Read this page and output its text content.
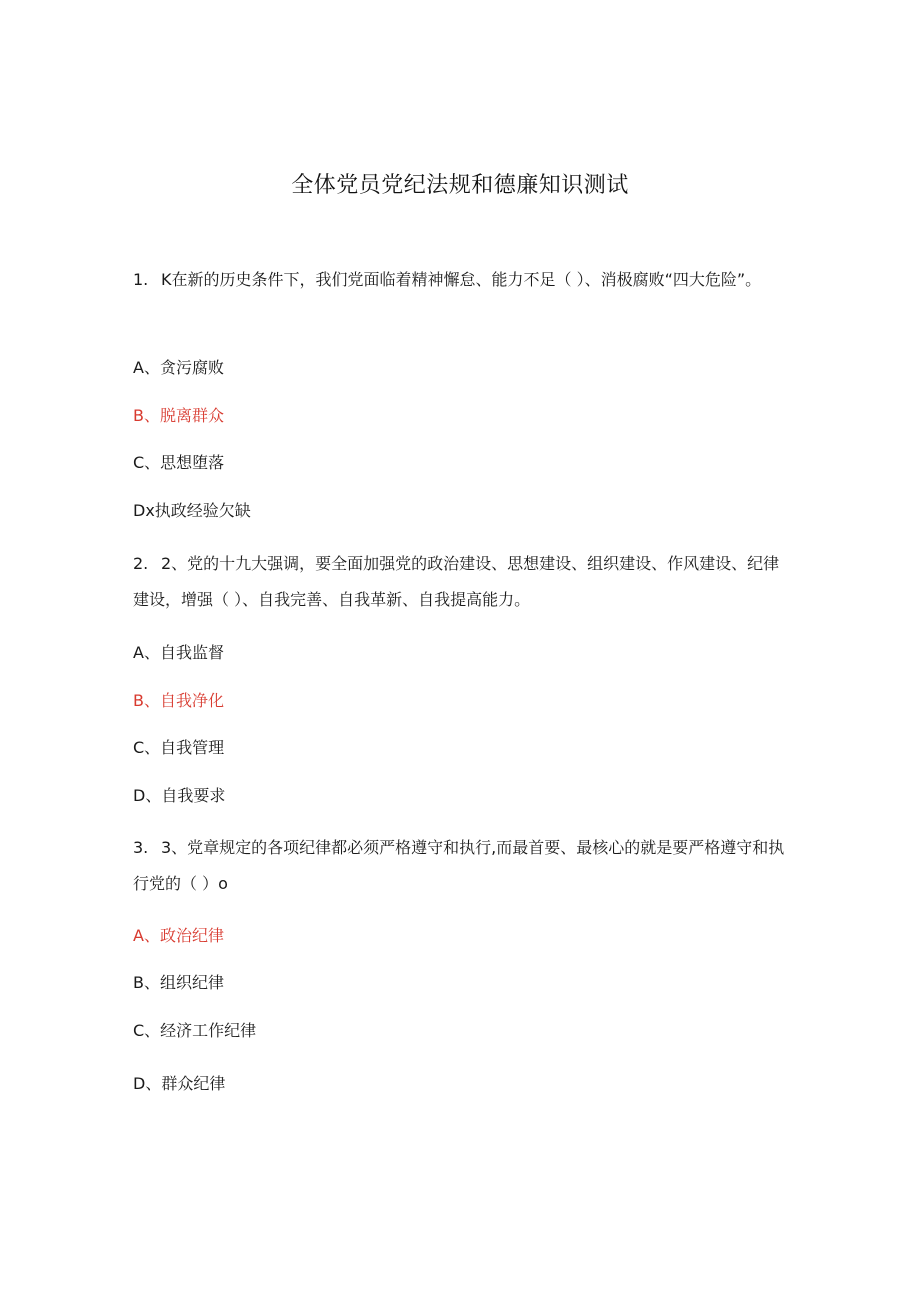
全体党员党纪法规和德廉知识测试
1. K在新的历史条件下，我们党面临着精神懈怠、能力不足（ ）、消极腐败“四大危险”。
A、贪污腐败
B、脱离群众
C、思想堕落
Dx执政经验欠缺
2. 2、党的十九大强调，要全面加强党的政治建设、思想建设、组织建设、作风建设、纪律建设，增强（ ）、自我完善、自我革新、自我提高能力。
A、自我监督
B、自我净化
C、自我管理
D、自我要求
3. 3、党章规定的各项纪律都必须严格遵守和执行,而最首要、最核心的就是要严格遵守和执行党的（ ）o
A、政治纪律
B、组织纪律
C、经济工作纪律
D、群众纪律
